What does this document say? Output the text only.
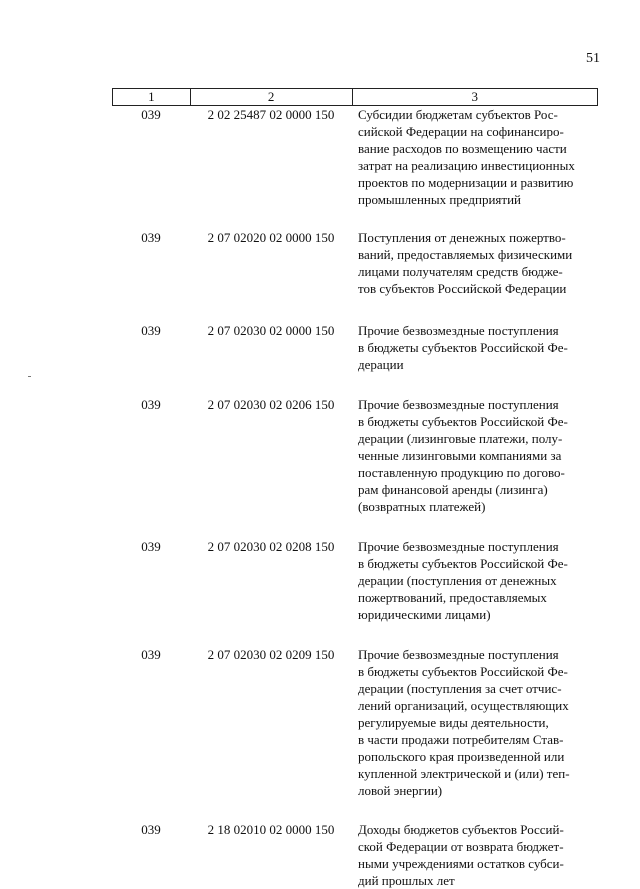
51
1	2	3
039	2 02 25487 02 0000 150	Субсидии бюджетам субъектов Рос-
сийской Федерации на софинансиро-
вание расходов по возмещению части
затрат на реализацию инвестиционных
проектов по модернизации и развитию
промышленных предприятий
039	2 07 02020 02 0000 150	Поступления от денежных пожертво-
ваний, предоставляемых физическими
лицами получателям средств бюдже-
тов субъектов Российской Федерации
039	2 07 02030 02 0000 150	Прочие безвозмездные поступления
в бюджеты субъектов Российской Фе-
дерации
039	2 07 02030 02 0206 150	Прочие безвозмездные поступления
в бюджеты субъектов Российской Фе-
дерации (лизинговые платежи, полу-
ченные лизинговыми компаниями за
поставленную продукцию по догово-
рам финансовой аренды (лизинга)
(возвратных платежей)
039	2 07 02030 02 0208 150	Прочие безвозмездные поступления
в бюджеты субъектов Российской Фе-
дерации (поступления от денежных
пожертвований, предоставляемых
юридическими лицами)
039	2 07 02030 02 0209 150	Прочие безвозмездные поступления
в бюджеты субъектов Российской Фе-
дерации (поступления за счет отчис-
лений организаций, осуществляющих
регулируемые виды деятельности,
в части продажи потребителям Став-
ропольского края произведенной или
купленной электрической и (или) теп-
ловой энергии)
039	2 18 02010 02 0000 150	Доходы бюджетов субъектов Россий-
ской Федерации от возврата бюджет-
ными учреждениями остатков субси-
дий прошлых лет
